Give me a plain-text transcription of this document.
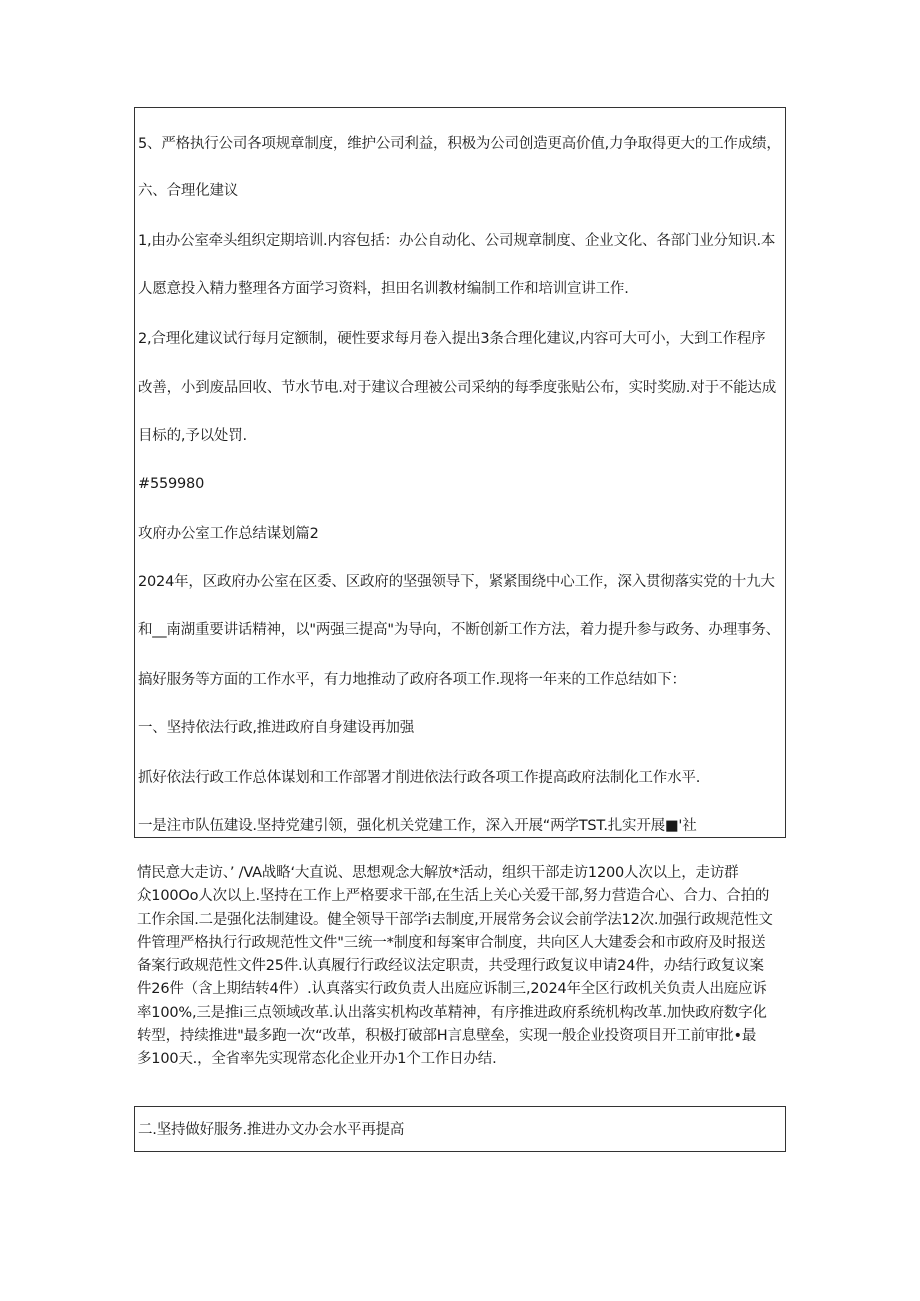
5、严格执行公司各项规章制度，维护公司利益，积极为公司创造更高价值,力争取得更大的工作成绩，

六、合理化建议

1,由办公室牵头组织定期培训.内容包括：办公自动化、公司规章制度、企业文化、各部门业分知识.本

人愿意投入精力整理各方面学习资料，担田名训教材编制工作和培训宣讲工作.

2,合理化建议试行每月定额制，硬性要求每月卷入提出3条合理化建议,内容可大可小，大到工作程序

改善，小到废品回收、节水节电.对于建议合理被公司采纳的每季度张贴公布，实时奖励.对于不能达成

目标的,予以处罚.

#559980

攻府办公室工作总结谋划篇2

2024年，区政府办公室在区委、区政府的坚强领导下，紧紧围绕中心工作，深入贯彻落实党的十九大

和__南湖重要讲话精神，以"两强三提高"为导向，不断创新工作方法，着力提升参与政务、办理事务、

搞好服务等方面的工作水平，有力地推动了政府各项工作.现将一年来的工作总结如下：

一、坚持依法行政,推进政府自身建设再加强

抓好依法行政工作总体谋划和工作部署才削进依法行政各项工作提高政府法制化工作水平.

一是注市队伍建设.坚持党建引领，强化机关党建工作，深入开展“两学TST.扎实开展■'社

情民意大走访、’ /VA战略‘大直说、思想观念大解放*活动，组织干部走访1200人次以上，走访群
众100Oo人次以上.坚持在工作上严格要求干部,在生活上关心关爱干部,努力营造合心、合力、合拍的
工作余国.二是强化法制建设。健全领导干部学i去制度,开展常务会议会前学法12次.加强行政规范性文
件管理严格执行行政规范性文件"三统一*制度和每案审合制度，共向区人大建委会和市政府及时报送
备案行政规范性文件25件.认真履行行政经议法定职责，共受理行政复议申请24件，办结行政复议案
件26件（含上期结转4件）.认真落实行政负责人出庭应诉制三,2024年全区行政机关负责人出庭应诉
率100%,三是推i三点领域改革.认出落实机构改革精神，有序推进政府系统机构改革.加快政府数字化
转型，持续推进"最多跑一次“改革，积极打破部H言息壁垒，实现一般企业投资项目开工前审批•最
多100天.，全省率先实现常态化企业开办1个工作日办结.

二.坚持做好服务.推进办文办会水平再提高
